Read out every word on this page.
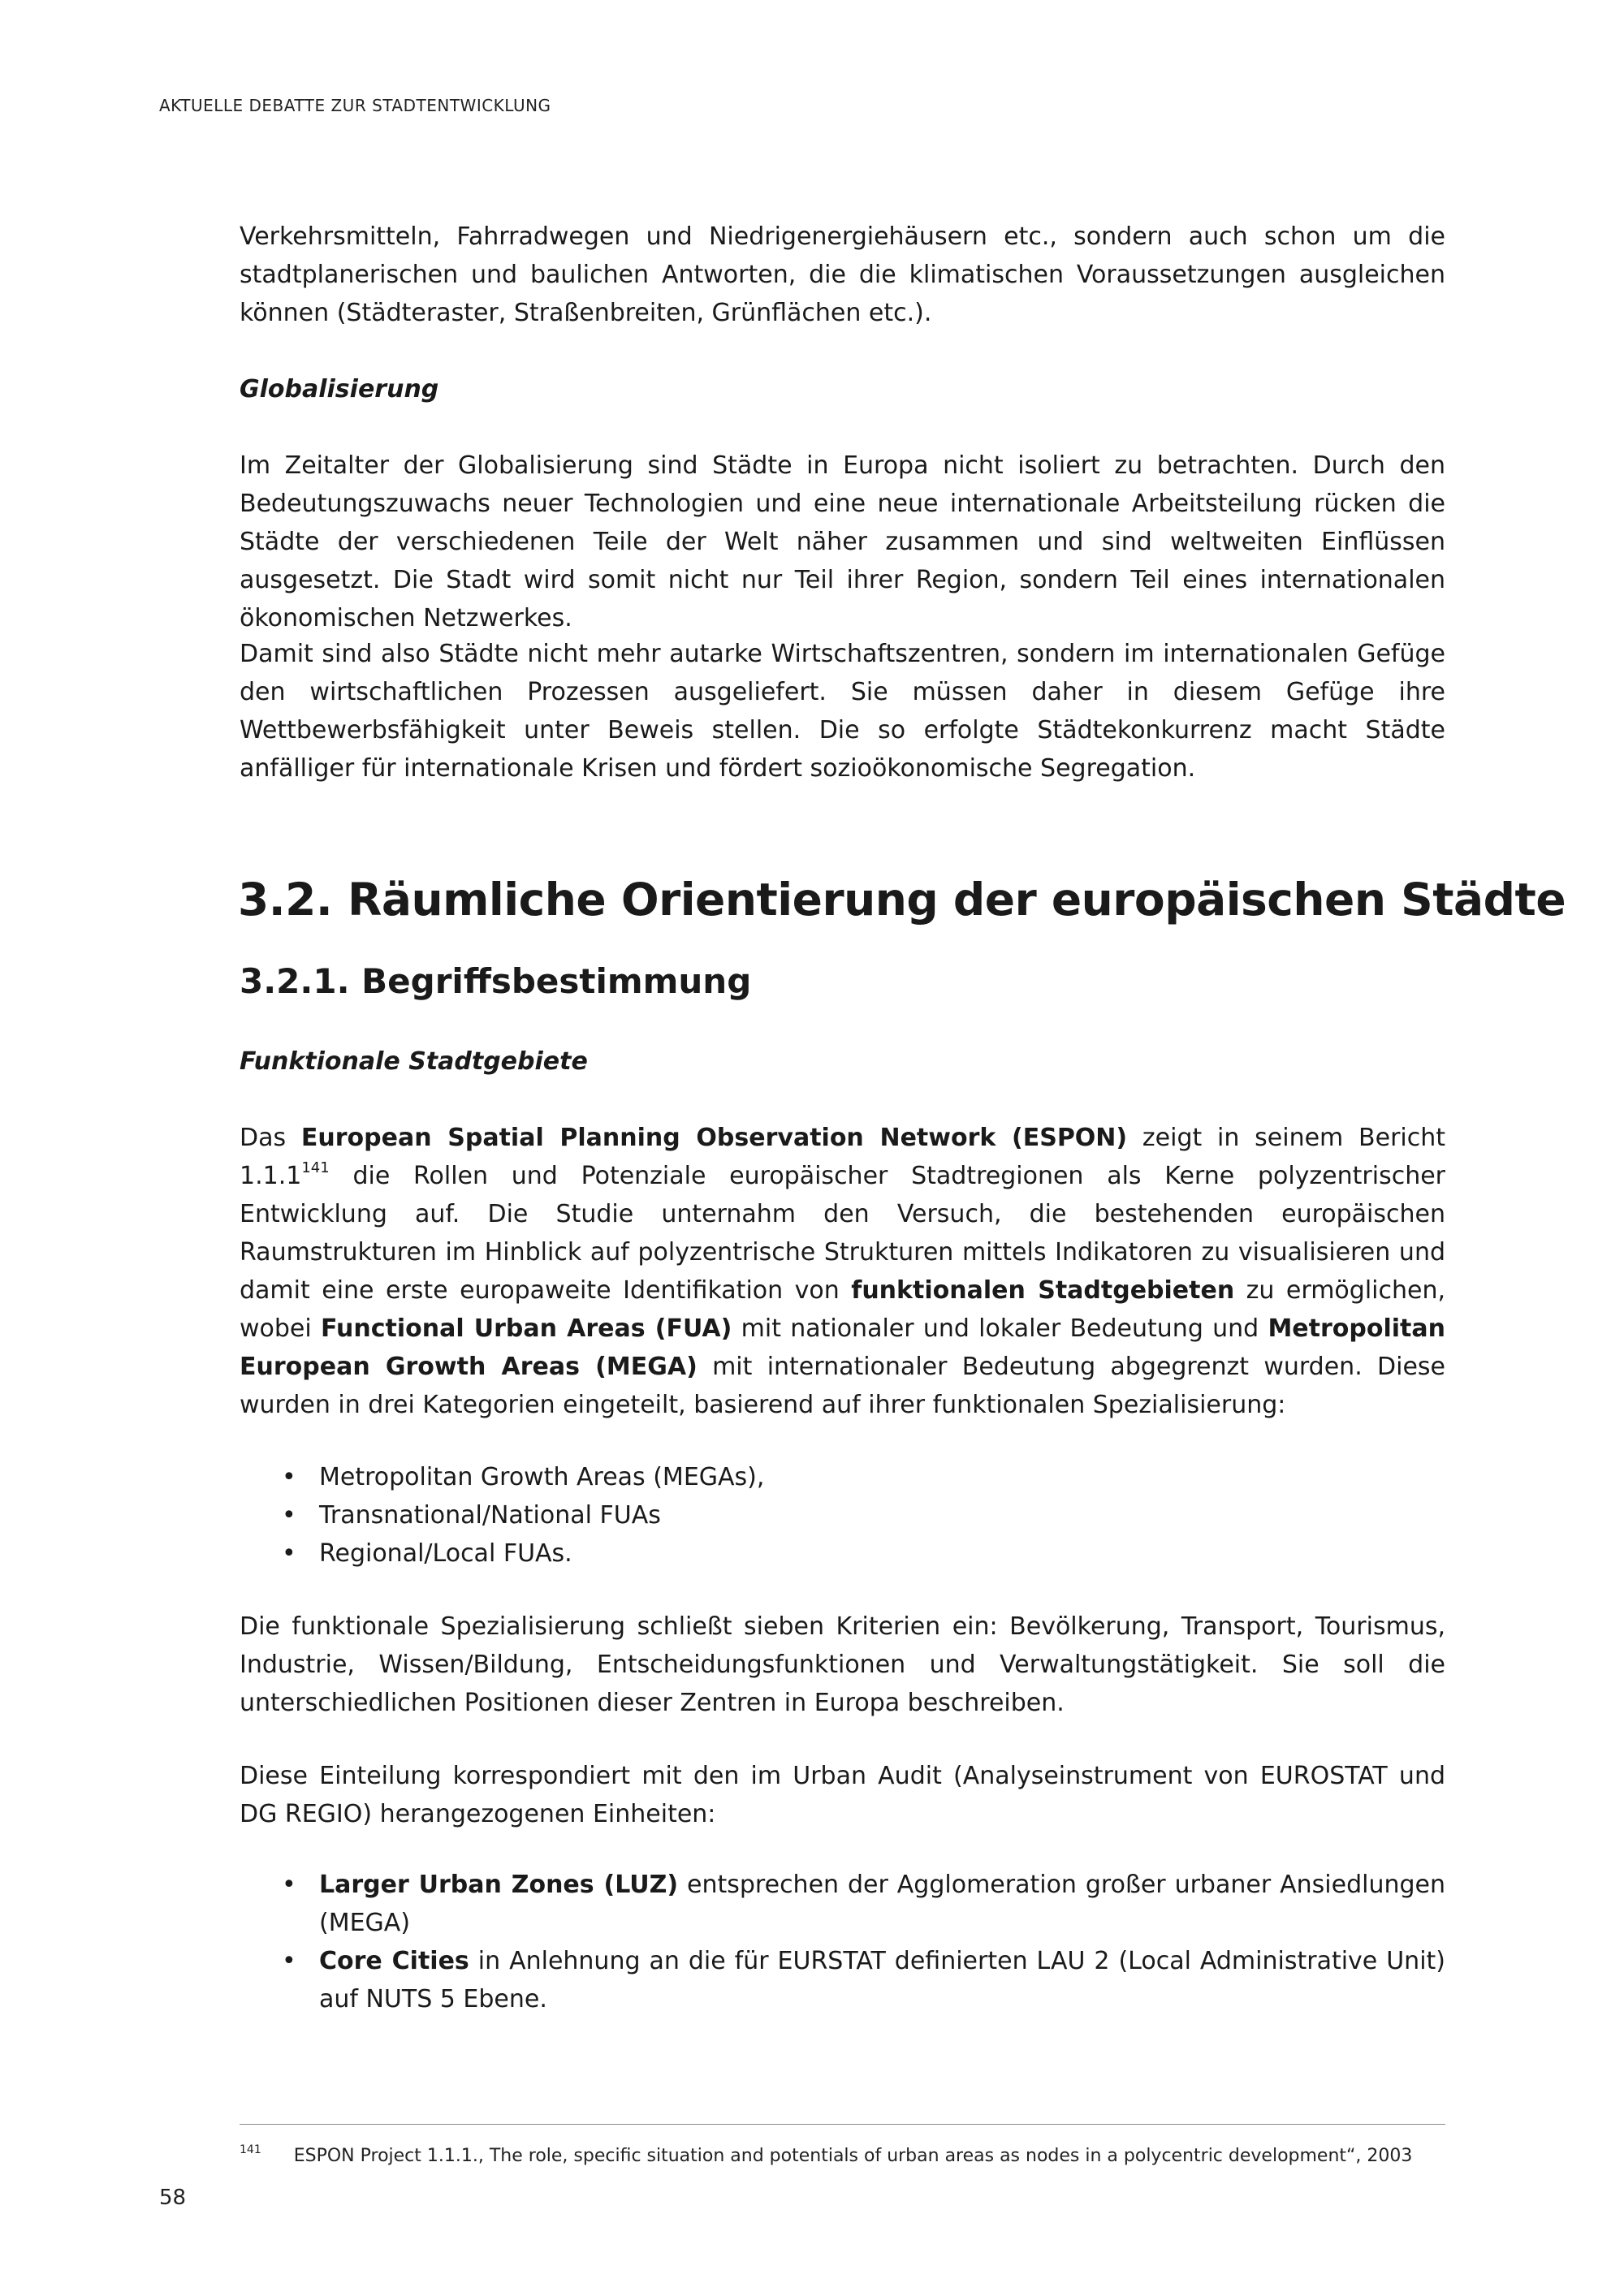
AKTUELLE DEBATTE ZUR STADTENTWICKLUNG

Verkehrsmitteln, Fahrradwegen und Niedrigenergiehäusern etc., sondern auch schon um die stadtplanerischen und baulichen Antworten, die die klimatischen Voraussetzungen ausgleichen können (Städteraster, Straßenbreiten, Grünflächen etc.).

Globalisierung

Im Zeitalter der Globalisierung sind Städte in Europa nicht isoliert zu betrachten. Durch den Bedeutungszuwachs neuer Technologien und eine neue internationale Arbeitsteilung rücken die Städte der verschiedenen Teile der Welt näher zusammen und sind weltweiten Einflüssen ausgesetzt. Die Stadt wird somit nicht nur Teil ihrer Region, sondern Teil eines internationalen ökonomischen Netzwerkes.

Damit sind also Städte nicht mehr autarke Wirtschaftszentren, sondern im internationalen Gefüge den wirtschaftlichen Prozessen ausgeliefert. Sie müssen daher in diesem Gefüge ihre Wettbewerbsfähigkeit unter Beweis stellen. Die so erfolgte Städtekonkurrenz macht Städte anfälliger für internationale Krisen und fördert sozioökonomische Segregation.

3.2. Räumliche Orientierung der europäischen Städte
3.2.1. Begriffsbestimmung
Funktionale Stadtgebiete

Das European Spatial Planning Observation Network (ESPON) zeigt in seinem Bericht 1.1.1$^{141}$ die Rollen und Potenziale europäischer Stadtregionen als Kerne polyzentrischer Entwicklung auf. Die Studie unternahm den Versuch, die bestehenden europäischen Raumstrukturen im Hinblick auf polyzentrische Strukturen mittels Indikatoren zu visualisieren und damit eine erste europaweite Identifikation von funktionalen Stadtgebieten zu ermöglichen, wobei Functional Urban Areas (FUA) mit nationaler und lokaler Bedeutung und Metropolitan European Growth Areas (MEGA) mit internationaler Bedeutung abgegrenzt wurden. Diese wurden in drei Kategorien eingeteilt, basierend auf ihrer funktionalen Spezialisierung:

• Metropolitan Growth Areas (MEGAs),
• Transnational/National FUAs
• Regional/Local FUAs.

Die funktionale Spezialisierung schließt sieben Kriterien ein: Bevölkerung, Transport, Tourismus, Industrie, Wissen/Bildung, Entscheidungsfunktionen und Verwaltungstätigkeit. Sie soll die unterschiedlichen Positionen dieser Zentren in Europa beschreiben.

Diese Einteilung korrespondiert mit den im Urban Audit (Analyseinstrument von EUROSTAT und DG REGIO) herangezogenen Einheiten:

• Larger Urban Zones (LUZ) entsprechen der Agglomeration großer urbaner Ansiedlungen (MEGA)
• Core Cities in Anlehnung an die für EURSTAT definierten LAU 2 (Local Administrative Unit) auf NUTS 5 Ebene.
$^{141}$ ESPON Project 1.1.1., The role, specific situation and potentials of urban areas as nodes in a polycentric development“, 2003
58
